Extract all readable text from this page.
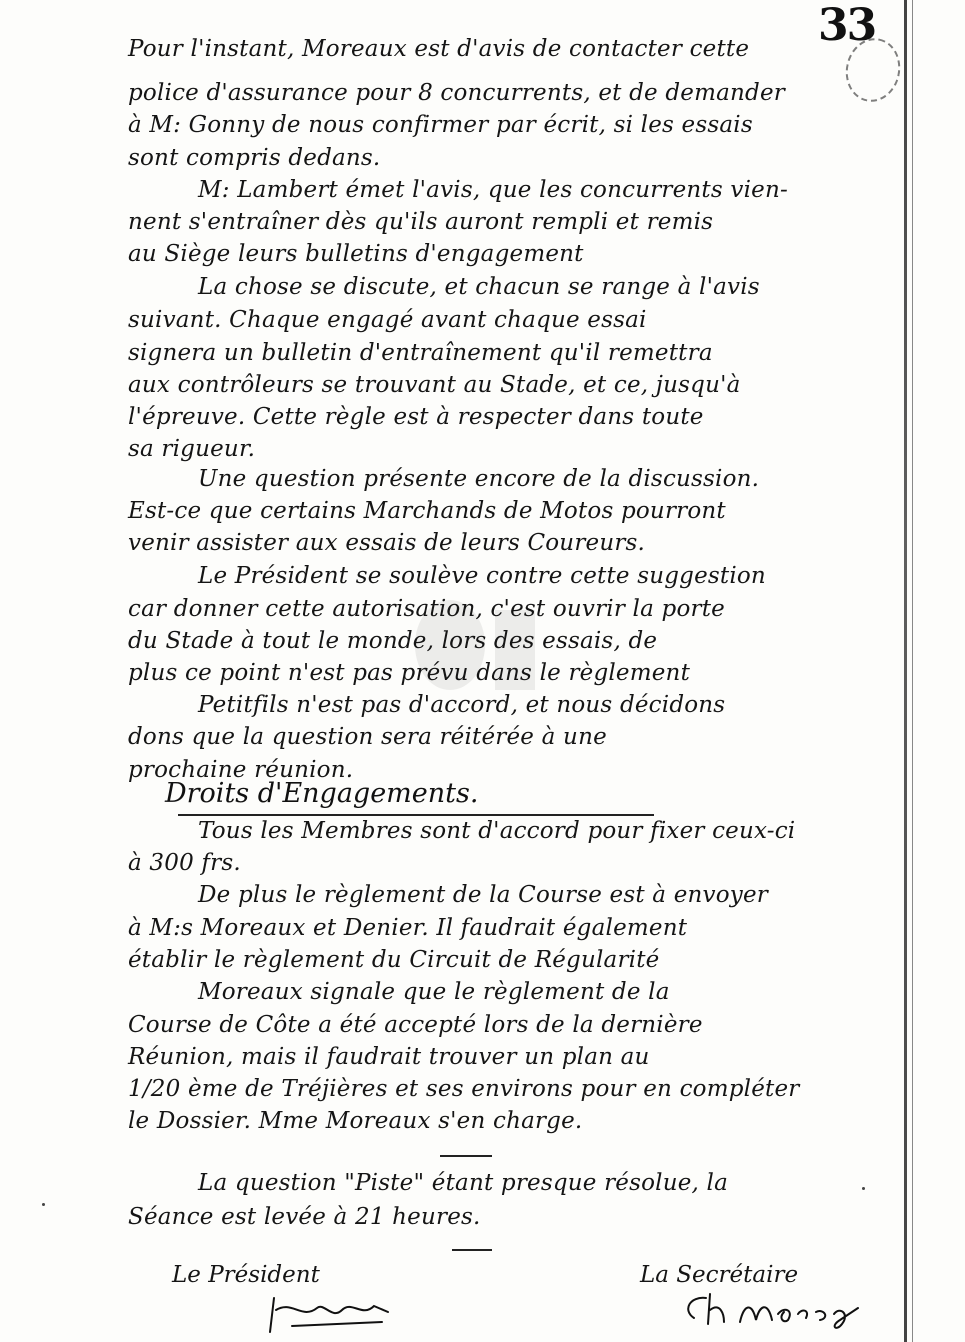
33
Pour l'instant, Moreaux est d'avis de contacter cette
police d'assurance pour 8 concurrents, et de demander
à M: Gonny de nous confirmer par écrit, si les essais
sont compris dedans.
M: Lambert émet l'avis, que les concurrents vien-
nent s'entraîner dès qu'ils auront rempli et remis
au Siège leurs bulletins d'engagement
La chose se discute, et chacun se range à l'avis
suivant. Chaque engagé avant chaque essai
signera un bulletin d'entraînement qu'il remettra
aux contrôleurs se trouvant au Stade, et ce, jusqu'à
l'épreuve. Cette règle est à respecter dans toute
sa rigueur.
Une question présente encore de la discussion.
Est-ce que certains Marchands de Motos pourront
venir assister aux essais de leurs Coureurs.
Le Président se soulève contre cette suggestion
car donner cette autorisation, c'est ouvrir la porte
du Stade à tout le monde, lors des essais, de
plus ce point n'est pas prévu dans le règlement
Petitfils n'est pas d'accord, et nous décidons
dons que la question sera réitérée à une
prochaine réunion.
Droits d'Engagements.
Tous les Membres sont d'accord pour fixer ceux-ci
à 300 frs.
De plus le règlement de la Course est à envoyer
à M:s Moreaux et Denier. Il faudrait également
établir le règlement du Circuit de Régularité
Moreaux signale que le règlement de la
Course de Côte a été accepté lors de la dernière
Réunion, mais il faudrait trouver un plan au
1/20 ème de Tréjières et ses environs pour en compléter
le Dossier. Mme Moreaux s'en charge.
La question "Piste" étant presque résolue, la
Séance est levée à 21 heures.
Le Président	La Secrétaire
